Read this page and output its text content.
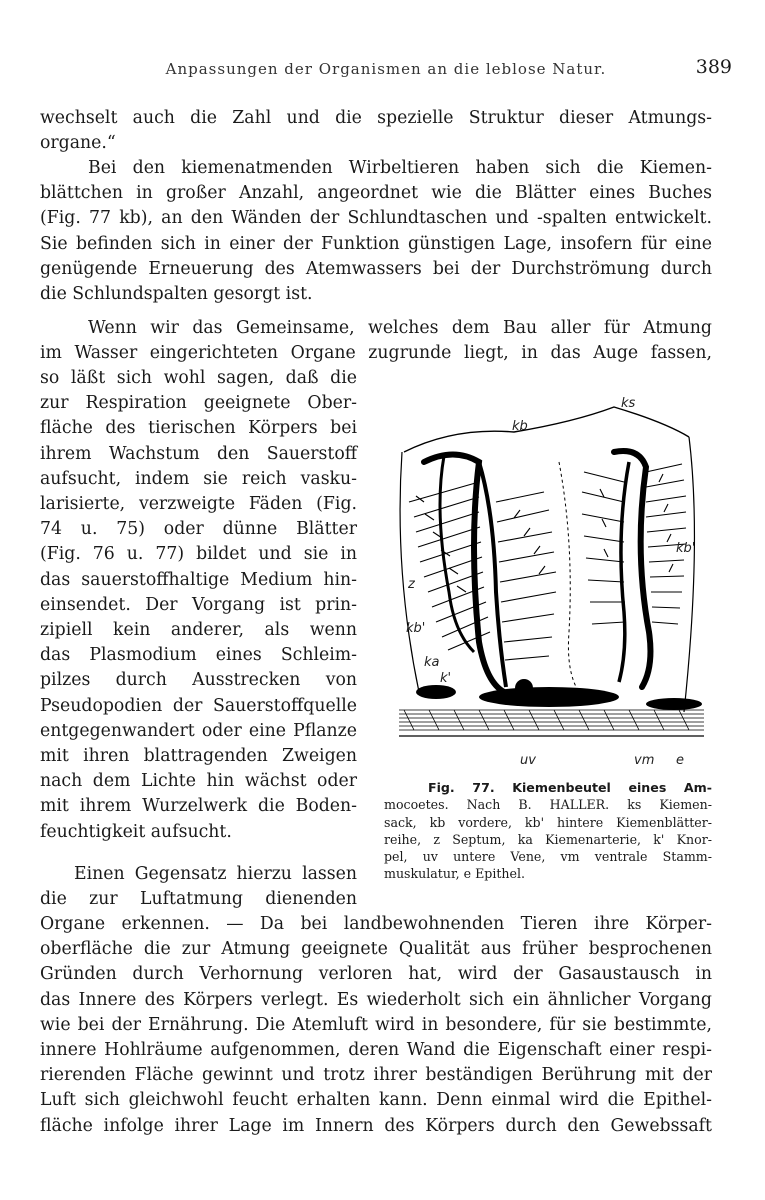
Anpassungen der Organismen an die leblose Natur.	389
wechselt auch die Zahl und die spezielle Struktur dieser Atmungs-
organe.“
Bei den kiemenatmenden Wirbeltieren haben sich die Kiemen-
blättchen in großer Anzahl, angeordnet wie die Blätter eines Buches
(Fig. 77 kb), an den Wänden der Schlundtaschen und -spalten entwickelt.
Sie befinden sich in einer der Funktion günstigen Lage, insofern für eine
genügende Erneuerung des Atemwassers bei der Durchströmung durch
die Schlundspalten gesorgt ist.
Wenn wir das Gemeinsame, welches dem Bau aller für Atmung
im Wasser eingerichteten Organe zugrunde liegt, in das Auge fassen,
so läßt sich wohl sagen, daß die
zur Respiration geeignete Ober-
fläche des tierischen Körpers bei
ihrem Wachstum den Sauerstoff
aufsucht, indem sie reich vasku-
larisierte, verzweigte Fäden (Fig.
74 u. 75) oder dünne Blätter
(Fig. 76 u. 77) bildet und sie in
das sauerstoffhaltige Medium hin-
einsendet. Der Vorgang ist prin-
zipiell kein anderer, als wenn
das Plasmodium eines Schleim-
pilzes durch Ausstrecken von
Pseudopodien der Sauerstoffquelle
entgegenwandert oder eine Pflanze
mit ihren blattragenden Zweigen
nach dem Lichte hin wächst oder
mit ihrem Wurzelwerk die Boden-
feuchtigkeit aufsucht.
Einen Gegensatz hierzu lassen
die zur Luftatmung dienenden
Organe erkennen. — Da bei landbewohnenden Tieren ihre Körper-
oberfläche die zur Atmung geeignete Qualität aus früher besprochenen
Gründen durch Verhornung verloren hat, wird der Gasaustausch in
das Innere des Körpers verlegt. Es wiederholt sich ein ähnlicher Vorgang
wie bei der Ernährung. Die Atemluft wird in besondere, für sie bestimmte,
innere Hohlräume aufgenommen, deren Wand die Eigenschaft einer respi-
rierenden Fläche gewinnt und trotz ihrer beständigen Berührung mit der
Luft sich gleichwohl feucht erhalten kann. Denn einmal wird die Epithel-
fläche infolge ihrer Lage im Innern des Körpers durch den Gewebssaft
ks
kb
kb'
z
kb'
ka
k'
uv	vm e
Fig. 77. Kiemenbeutel eines Am-
mocoetes. Nach B. HALLER. ks Kiemen-
sack, kb vordere, kb' hintere Kiemenblätter-
reihe, z Septum, ka Kiemenarterie, k' Knor-
pel, uv untere Vene, vm ventrale Stamm-
muskulatur, e Epithel.
